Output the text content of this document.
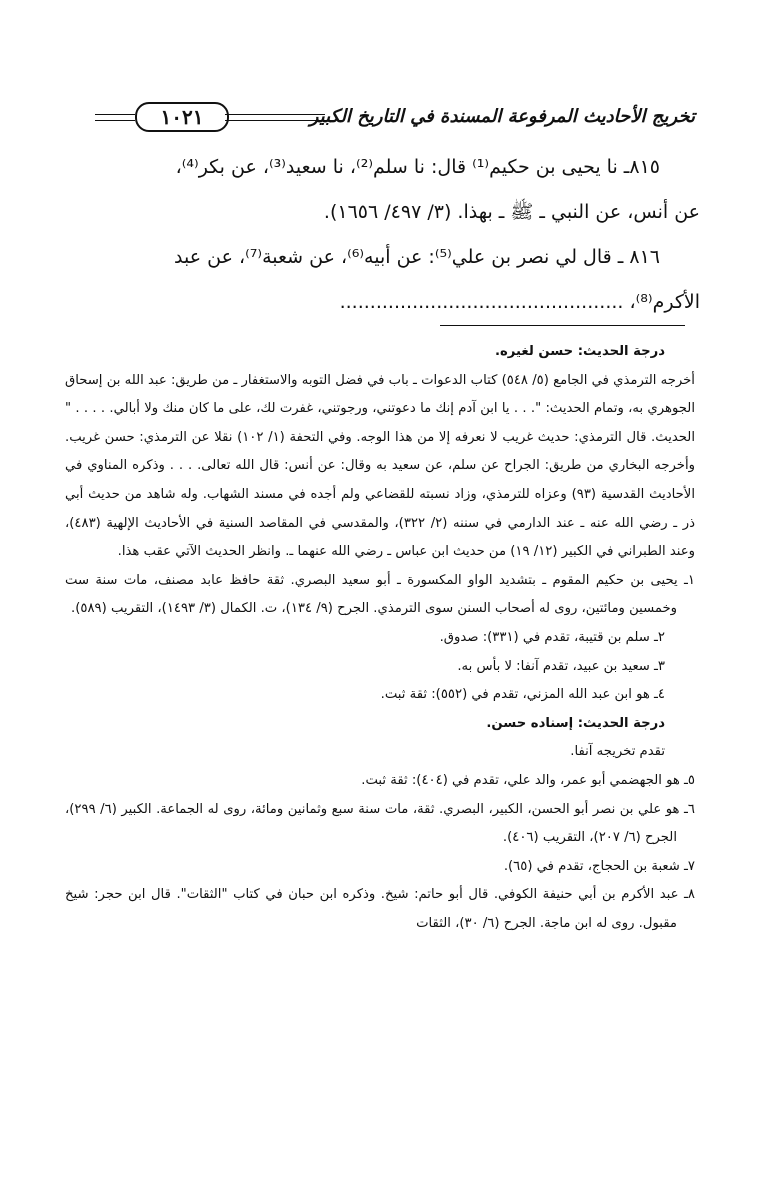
١٠٢١	تخريج الأحاديث المرفوعة المسندة في التاريخ الكبير

٨١٥ـ نا يحيى بن حكيم⁽¹⁾ قال: نا سلم⁽²⁾، نا سعيد⁽³⁾، عن بكر⁽⁴⁾،

عن أنس، عن النبي ـ ﷺ ـ بهذا. (٣/ ٤٩٧/ ١٦٥٦).

٨١٦ ـ قال لي نصر بن علي⁽⁵⁾: عن أبيه⁽⁶⁾، عن شعبة⁽⁷⁾، عن عبد

الأكرم⁽⁸⁾، ...............................................

درجة الحديث: حسن لغيره.

أخرجه الترمذي في الجامع (٥/ ٥٤٨) كتاب الدعوات ـ باب في فضل التوبه والاستغفار ـ من طريق: عبد الله بن إسحاق الجوهري به، وتمام الحديث: ". . . يا ابن آدم إنك ما دعوتني، ورجوتني، غفرت لك، على ما كان منك ولا أبالي. . . . . " الحديث. قال الترمذي: حديث غريب لا نعرفه إلا من هذا الوجه. وفي التحفة (١/ ١٠٢) نقلا عن الترمذي: حسن غريب. وأخرجه البخاري من طريق: الجراح عن سلم، عن سعيد به وقال: عن أنس: قال الله تعالى. . . . وذكره المناوي في الأحاديث القدسية (٩٣) وعزاه للترمذي، وزاد نسبته للقضاعي ولم أجده في مسند الشهاب. وله شاهد من حديث أبي ذر ـ رضي الله عنه ـ عند الدارمي في سننه (٢/ ٣٢٢)، والمقدسي في المقاصد السنية في الأحاديث الإلهية (٤٨٣)، وعند الطبراني في الكبير (١٢/ ١٩) من حديث ابن عباس ـ رضي الله عنهما ـ. وانظر الحديث الآتي عقب هذا.

١ـ يحيى بن حكيم المقوم ـ بتشديد الواو المكسورة ـ أبو سعيد البصري. ثقة حافظ عابد مصنف، مات سنة ست وخمسين ومائتين، روى له أصحاب السنن سوى الترمذي. الجرح (٩/ ١٣٤)، ت. الكمال (٣/ ١٤٩٣)، التقريب (٥٨٩).

٢ـ سلم بن قتيبة، تقدم في (٣٣١): صدوق.

٣ـ سعيد بن عبيد، تقدم آنفا: لا بأس به.

٤ـ هو ابن عبد الله المزني، تقدم في (٥٥٢): ثقة ثبت.

درجة الحديث: إسناده حسن.

تقدم تخريجه آنفا.

٥ـ هو الجهضمي أبو عمر، والد علي، تقدم في (٤٠٤): ثقة ثبت.

٦ـ هو علي بن نصر أبو الحسن، الكبير، البصري. ثقة، مات سنة سبع وثمانين ومائة، روى له الجماعة. الكبير (٦/ ٢٩٩)، الجرح (٦/ ٢٠٧)، التقريب (٤٠٦).

٧ـ شعبة بن الحجاج، تقدم في (٦٥).

٨ـ عبد الأكرم بن أبي حنيفة الكوفي. قال أبو حاتم: شيخ. وذكره ابن حبان في كتاب "الثقات". قال ابن حجر: شيخ مقبول. روى له ابن ماجة. الجرح (٦/ ٣٠)، الثقات
